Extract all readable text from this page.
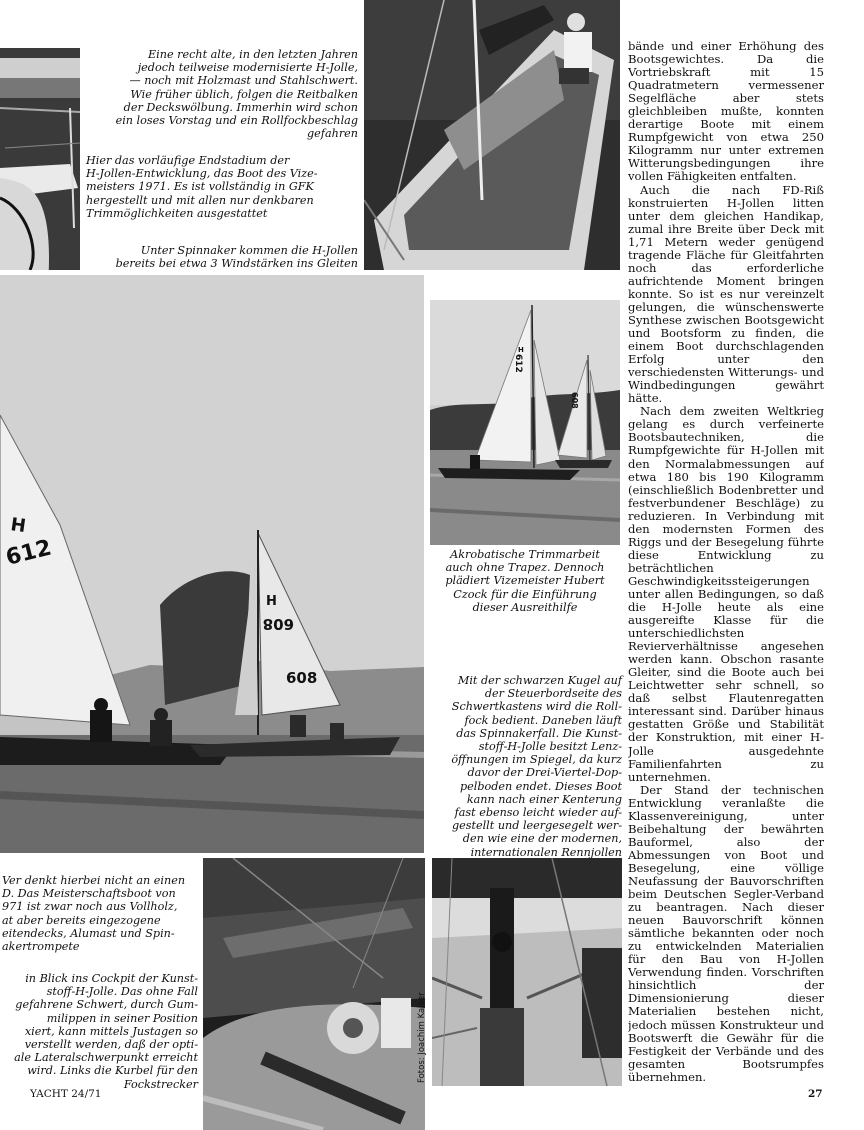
H
612
H
608
608
H
612
608
Eine recht alte, in den letzten Jahren
jedoch teilweise modernisierte H-Jolle,
— noch mit Holzmast und Stahlschwert.
Wie früher üblich, folgen die Reitbalken
der Deckswölbung. Immerhin wird schon
ein loses Vorstag und ein Rollfockbeschlag
gefahren
Hier das vorläufige Endstadium der
H-Jollen-Entwicklung, das Boot des Vize-
meisters 1971. Es ist vollständig in GFK
hergestellt und mit allen nur denkbaren
Trimmöglichkeiten ausgestattet
Unter Spinnaker kommen die H-Jollen
bereits bei etwa 3 Windstärken ins Gleiten
Akrobatische Trimmarbeit
auch ohne Trapez. Dennoch
plädiert Vizemeister Hubert
Czock für die Einführung
dieser Ausreithilfe
Mit der schwarzen Kugel auf
der Steuerbordseite des
Schwertkastens wird die Roll-
fock bedient. Daneben läuft
das Spinnakerfall. Die Kunst-
stoff-H-Jolle besitzt Lenz-
öffnungen im Spiegel, da kurz
davor der Drei-Viertel-Dop-
pelboden endet. Dieses Boot
kann nach einer Kenterung
fast ebenso leicht wieder auf-
gestellt und leergesegelt wer-
den wie eine der modernen,
internationalen Rennjollen
Ver denkt hierbei nicht an einen
D. Das Meisterschaftsboot von
971 ist zwar noch aus Vollholz,
at aber bereits eingezogene
eitendecks, Alumast und Spin-
akertrompete
in Blick ins Cockpit der Kunst-
stoff-H-Jolle. Das ohne Fall
gefahrene Schwert, durch Gum-
milippen in seiner Position
xiert, kann mittels Justagen so
verstellt werden, daß der opti-
ale Lateralschwerpunkt erreicht
wird. Links die Kurbel für den
Fockstrecker
Fotos: Joachim Kaiser

bände und einer Erhöhung des Bootsgewichtes. Da die Vortriebskraft mit 15 Quadratmetern vermessener Segelfläche aber stets gleichbleiben mußte, konnten derartige Boote mit einem Rumpfgewicht von etwa 250 Kilogramm nur unter extremen Witterungsbedingungen ihre vollen Fähigkeiten entfalten.

Auch die nach FD-Riß konstruierten H-Jollen litten unter dem gleichen Handikap, zumal ihre Breite über Deck mit 1,71 Metern weder genügend tragende Fläche für Gleitfahrten noch das erforderliche aufrichtende Moment bringen konnte. So ist es nur vereinzelt gelungen, die wünschenswerte Synthese zwischen Bootsgewicht und Bootsform zu finden, die einem Boot durchschlagenden Erfolg unter den verschiedensten Witterungs- und Windbedingungen gewährt hätte.

Nach dem zweiten Weltkrieg gelang es durch verfeinerte Bootsbautechniken, die Rumpfgewichte für H-Jollen mit den Normalabmessungen auf etwa 180 bis 190 Kilogramm (einschließlich Bodenbretter und festverbundener Beschläge) zu reduzieren. In Verbindung mit den modernsten Formen des Riggs und der Besegelung führte diese Entwicklung zu beträchtlichen Geschwindigkeitssteigerungen unter allen Bedingungen, so daß die H-Jolle heute als eine ausgereifte Klasse für die unterschiedlichsten Revierverhältnisse angesehen werden kann. Obschon rasante Gleiter, sind die Boote auch bei Leichtwetter sehr schnell, so daß selbst Flautenregatten interessant sind. Darüber hinaus gestatten Größe und Stabilität der Konstruktion, mit einer H-Jolle ausgedehnte Familienfahrten zu unternehmen.

Der Stand der technischen Entwicklung veranlaßte die Klassenvereinigung, unter Beibehaltung der bewährten Bauformel, also der Abmessungen von Boot und Besegelung, eine völlige Neufassung der Bauvorschriften beim Deutschen Segler-Verband zu beantragen. Nach dieser neuen Bauvorschrift können sämtliche bekannten oder noch zu entwickelnden Materialien für den Bau von H-Jollen Verwendung finden. Vorschriften hinsichtlich der Dimensionierung dieser Materialien bestehen nicht, jedoch müssen Konstrukteur und Bootswerft die Gewähr für die Festigkeit der Verbände und des gesamten Bootsrumpfes übernehmen.

YACHT 24/71	27
